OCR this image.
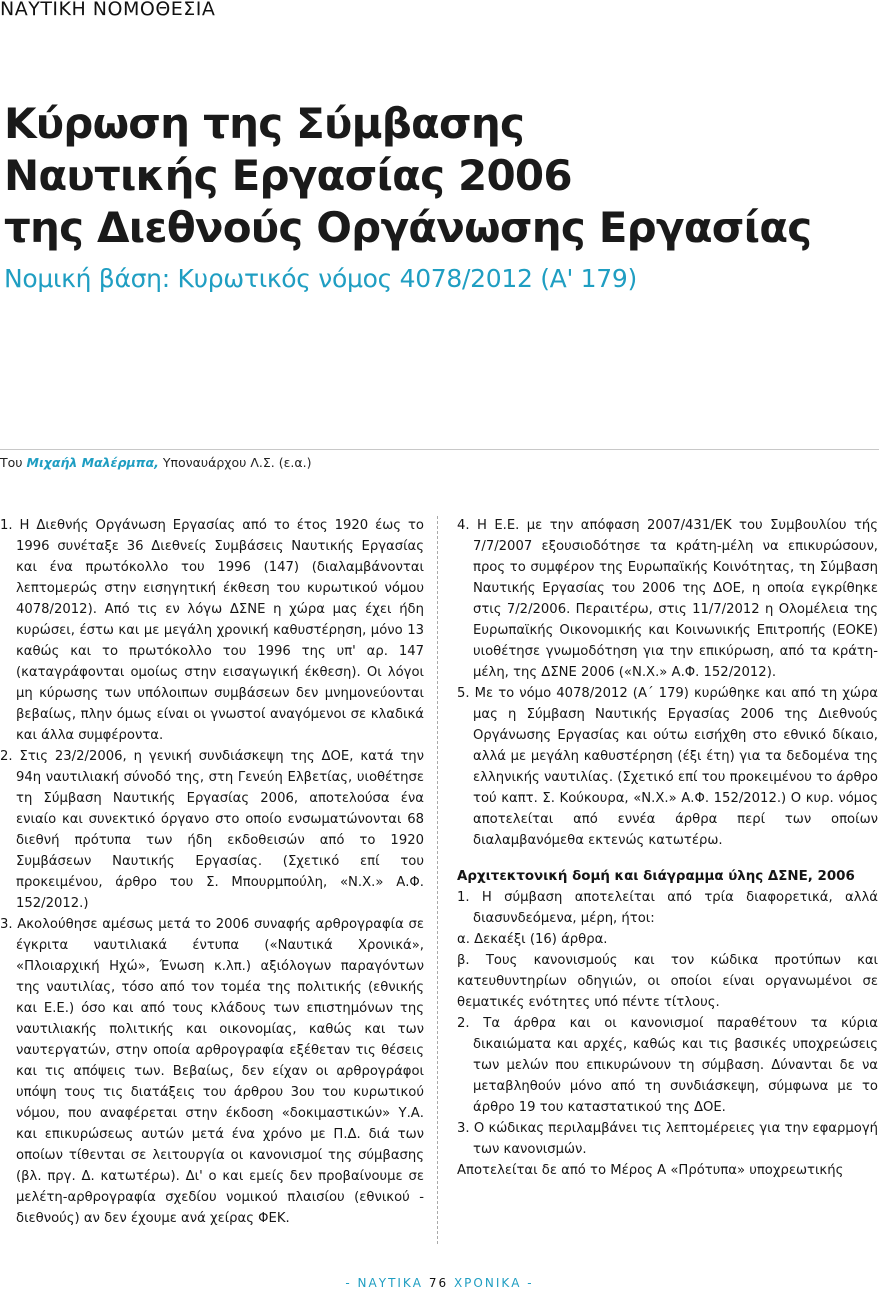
ΝΑΥΤΙΚΗ ΝΟΜΟΘΕΣΙΑ
Κύρωση της Σύμβασης
Ναυτικής Εργασίας 2006
της Διεθνούς Οργάνωσης Εργασίας
Νομική βάση: Κυρωτικός νόμος 4078/2012 (Α' 179)
Του Μιχαήλ Μαλέρμπα, Υποναυάρχου Λ.Σ. (ε.α.)

1. Η Διεθνής Οργάνωση Εργασίας από το έτος 1920 έως το 1996 συνέταξε 36 Διεθνείς Συμβάσεις Ναυτικής Εργασίας και ένα πρωτόκολλο του 1996 (147) (διαλαμβάνονται λεπτομερώς στην εισηγητική έκθεση του κυρωτικού νόμου 4078/2012). Από τις εν λόγω ΔΣΝΕ η χώρα μας έχει ήδη κυρώσει, έστω και με μεγάλη χρονική καθυστέρηση, μόνο 13 καθώς και το πρωτόκολλο του 1996 της υπ' αρ. 147 (καταγράφονται ομοίως στην εισαγωγική έκθεση). Οι λόγοι μη κύρωσης των υπόλοιπων συμβάσεων δεν μνημονεύονται βεβαίως, πλην όμως είναι οι γνωστοί αναγόμενοι σε κλαδικά και άλλα συμφέροντα.

2. Στις 23/2/2006, η γενική συνδιάσκεψη της ΔΟΕ, κατά την 94η ναυτιλιακή σύνοδό της, στη Γενεύη Ελβετίας, υιοθέτησε τη Σύμβαση Ναυτικής Εργασίας 2006, αποτελούσα ένα ενιαίο και συνεκτικό όργανο στο οποίο ενσωματώνονται 68 διεθνή πρότυπα των ήδη εκδοθεισών από το 1920 Συμβάσεων Ναυτικής Εργασίας. (Σχετικό επί του προκειμένου, άρθρο του Σ. Μπουρμπούλη, «Ν.Χ.» Α.Φ. 152/2012.)

3. Ακολούθησε αμέσως μετά το 2006 συναφής αρθρογραφία σε έγκριτα ναυτιλιακά έντυπα («Ναυτικά Χρονικά», «Πλοιαρχική Ηχώ», Ένωση κ.λπ.) αξιόλογων παραγόντων της ναυτιλίας, τόσο από τον τομέα της πολιτικής (εθνικής και Ε.Ε.) όσο και από τους κλάδους των επιστημόνων της ναυτιλιακής πολιτικής και οικονομίας, καθώς και των ναυτεργατών, στην οποία αρθρογραφία εξέθεταν τις θέσεις και τις απόψεις των. Βεβαίως, δεν είχαν οι αρθρογράφοι υπόψη τους τις διατάξεις του άρθρου 3ου του κυρωτικού νόμου, που αναφέρεται στην έκδοση «δοκιμαστικών» Υ.Α. και επικυρώσεως αυτών μετά ένα χρόνο με Π.Δ. διά των οποίων τίθενται σε λειτουργία οι κανονισμοί της σύμβασης (βλ. πργ. Δ. κατωτέρω). Δι' ο και εμείς δεν προβαίνουμε σε μελέτη-αρθρογραφία σχεδίου νομικού πλαισίου (εθνικού - διεθνούς) αν δεν έχουμε ανά χείρας ΦΕΚ.

4. Η Ε.Ε. με την απόφαση 2007/431/ΕΚ του Συμβουλίου τής 7/7/2007 εξουσιοδότησε τα κράτη-μέλη να επικυρώσουν, προς το συμφέρον της Ευρωπαϊκής Κοινότητας, τη Σύμβαση Ναυτικής Εργασίας του 2006 της ΔΟΕ, η οποία εγκρίθηκε στις 7/2/2006. Περαιτέρω, στις 11/7/2012 η Ολομέλεια της Ευρωπαϊκής Οικονομικής και Κοινωνικής Επιτροπής (ΕΟΚΕ) υιοθέτησε γνωμοδότηση για την επικύρωση, από τα κράτη-μέλη, της ΔΣΝΕ 2006 («Ν.Χ.» Α.Φ. 152/2012).

5. Με το νόμο 4078/2012 (Α΄ 179) κυρώθηκε και από τη χώρα μας η Σύμβαση Ναυτικής Εργασίας 2006 της Διεθνούς Οργάνωσης Εργασίας και ούτω εισήχθη στο εθνικό δίκαιο, αλλά με μεγάλη καθυστέρηση (έξι έτη) για τα δεδομένα της ελληνικής ναυτιλίας. (Σχετικό επί του προκειμένου το άρθρο τού καπτ. Σ. Κούκουρα, «Ν.Χ.» Α.Φ. 152/2012.) Ο κυρ. νόμος αποτελείται από εννέα άρθρα περί των οποίων διαλαμβανόμεθα εκτενώς κατωτέρω.

Αρχιτεκτονική δομή και διάγραμμα ύλης ΔΣΝΕ, 2006

1. Η σύμβαση αποτελείται από τρία διαφορετικά, αλλά διασυνδεόμενα, μέρη, ήτοι:

α. Δεκαέξι (16) άρθρα.

β. Τους κανονισμούς και τον κώδικα προτύπων και κατευθυντηρίων οδηγιών, οι οποίοι είναι οργανωμένοι σε θεματικές ενότητες υπό πέντε τίτλους.

2. Τα άρθρα και οι κανονισμοί παραθέτουν τα κύρια δικαιώματα και αρχές, καθώς και τις βασικές υποχρεώσεις των μελών που επικυρώνουν τη σύμβαση. Δύνανται δε να μεταβληθούν μόνο από τη συνδιάσκεψη, σύμφωνα με το άρθρο 19 του καταστατικού της ΔΟΕ.

3. Ο κώδικας περιλαμβάνει τις λεπτομέρειες για την εφαρμογή των κανονισμών.

Αποτελείται δε από το Μέρος Α «Πρότυπα» υποχρεωτικής

- ΝΑΥΤΙΚΑ 76 ΧΡΟΝΙΚΑ -
